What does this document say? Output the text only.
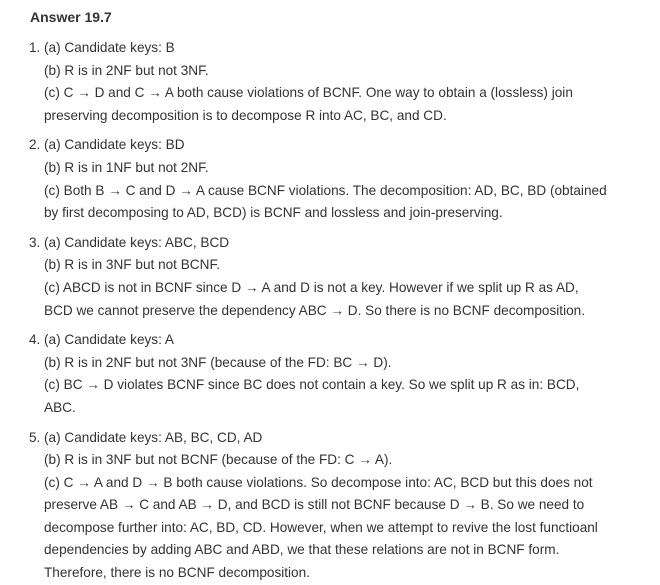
Answer 19.7
1. (a) Candidate keys: B
(b) R is in 2NF but not 3NF.
(c) C → D and C → A both cause violations of BCNF. One way to obtain a (lossless) join
preserving decomposition is to decompose R into AC, BC, and CD.
2. (a) Candidate keys: BD
(b) R is in 1NF but not 2NF.
(c) Both B → C and D → A cause BCNF violations. The decomposition: AD, BC, BD (obtained
by first decomposing to AD, BCD) is BCNF and lossless and join-preserving.
3. (a) Candidate keys: ABC, BCD
(b) R is in 3NF but not BCNF.
(c) ABCD is not in BCNF since D → A and D is not a key. However if we split up R as AD,
BCD we cannot preserve the dependency ABC → D. So there is no BCNF decomposition.
4. (a) Candidate keys: A
(b) R is in 2NF but not 3NF (because of the FD: BC → D).
(c) BC → D violates BCNF since BC does not contain a key. So we split up R as in: BCD,
ABC.
5. (a) Candidate keys: AB, BC, CD, AD
(b) R is in 3NF but not BCNF (because of the FD: C → A).
(c) C → A and D → B both cause violations. So decompose into: AC, BCD but this does not
preserve AB → C and AB → D, and BCD is still not BCNF because D → B. So we need to
decompose further into: AC, BD, CD. However, when we attempt to revive the lost functioanl
dependencies by adding ABC and ABD, we that these relations are not in BCNF form.
Therefore, there is no BCNF decomposition.
